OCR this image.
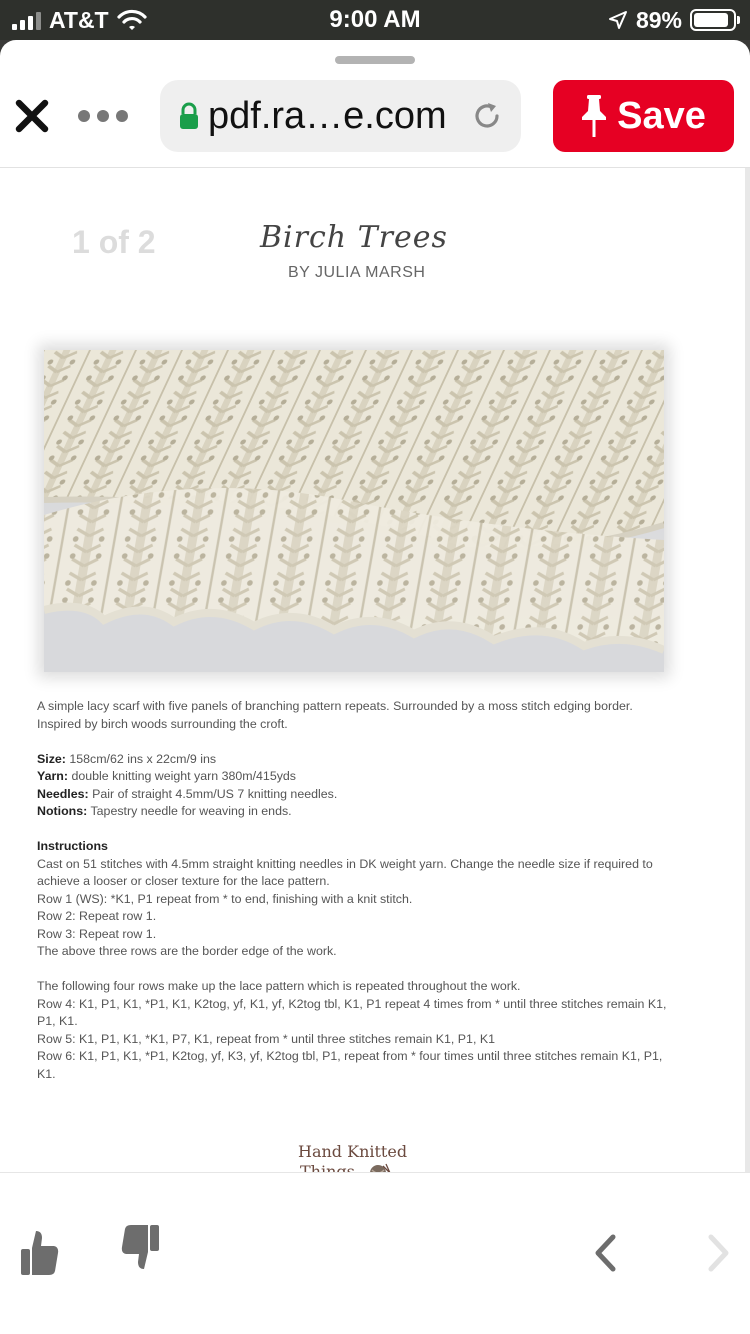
AT&T	9:00 AM	89%
pdf.ra…e.com	Save
1 of 2	Birch Trees
BY JULIA MARSH

A simple lacy scarf with five panels of branching pattern repeats. Surrounded by a moss stitch edging border. Inspired by birch woods surrounding the croft.

Size: 158cm/62 ins x 22cm/9 ins

Yarn: double knitting weight yarn 380m/415yds

Needles: Pair of straight 4.5mm/US 7 knitting needles.

Notions: Tapestry needle for weaving in ends.

Instructions

Cast on 51 stitches with 4.5mm straight knitting needles in DK weight yarn. Change the needle size if required to achieve a looser or closer texture for the lace pattern.

Row 1 (WS): *K1, P1 repeat from * to end, finishing with a knit stitch.

Row 2: Repeat row 1.

Row 3: Repeat row 1.

The above three rows are the border edge of the work.

The following four rows make up the lace pattern which is repeated throughout the work.

Row 4: K1, P1, K1, *P1, K1, K2tog, yf, K1, yf, K2tog tbl, K1, P1 repeat 4 times from * until three stitches remain K1, P1, K1.

Row 5: K1, P1, K1, *K1, P7, K1, repeat from * until three stitches remain K1, P1, K1

Row 6: K1, P1, K1, *P1, K2tog, yf, K3, yf, K2tog tbl, P1, repeat from * four times until three stitches remain K1, P1, K1.

Hand Knitted
